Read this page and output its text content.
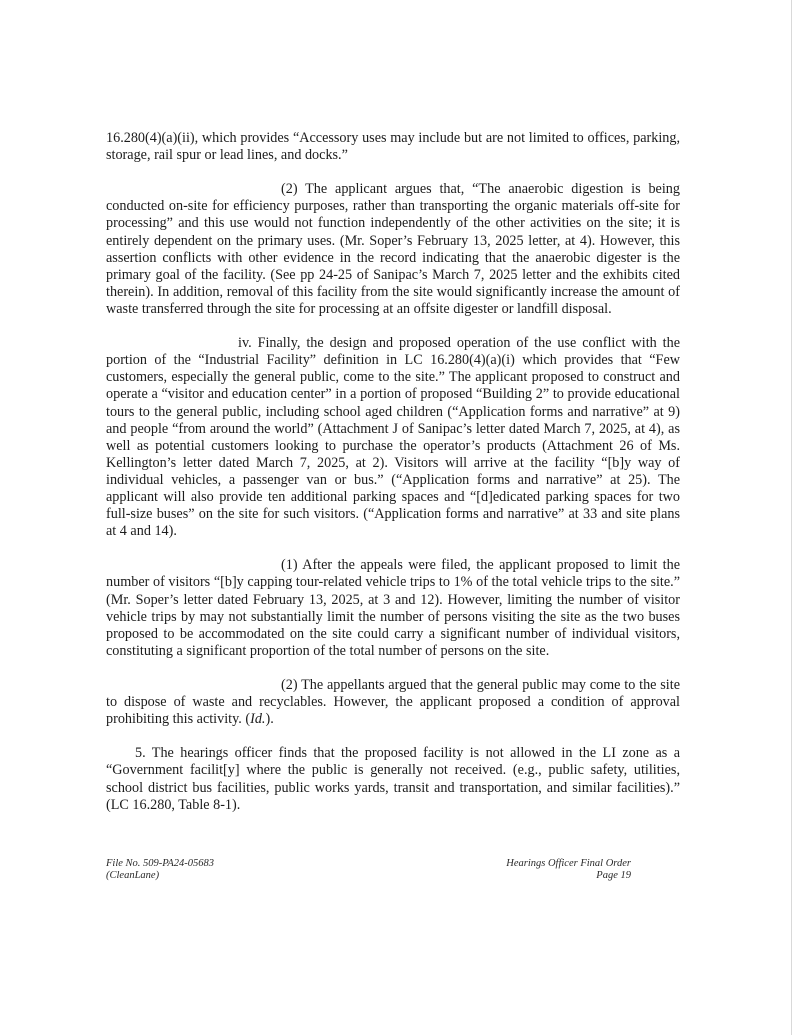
16.280(4)(a)(ii), which provides “Accessory uses may include but are not limited to offices, parking, storage, rail spur or lead lines, and docks.”

(2) The applicant argues that, “The anaerobic digestion is being conducted on-site for efficiency purposes, rather than transporting the organic materials off-site for processing” and this use would not function independently of the other activities on the site; it is entirely dependent on the primary uses. (Mr. Soper’s February 13, 2025 letter, at 4). However, this assertion conflicts with other evidence in the record indicating that the anaerobic digester is the primary goal of the facility. (See pp 24-25 of Sanipac’s March 7, 2025 letter and the exhibits cited therein). In addition, removal of this facility from the site would significantly increase the amount of waste transferred through the site for processing at an offsite digester or landfill disposal.

iv. Finally, the design and proposed operation of the use conflict with the portion of the “Industrial Facility” definition in LC 16.280(4)(a)(i) which provides that “Few customers, especially the general public, come to the site.” The applicant proposed to construct and operate a “visitor and education center” in a portion of proposed “Building 2” to provide educational tours to the general public, including school aged children (“Application forms and narrative” at 9) and people “from around the world” (Attachment J of Sanipac’s letter dated March 7, 2025, at 4), as well as potential customers looking to purchase the operator’s products (Attachment 26 of Ms. Kellington’s letter dated March 7, 2025, at 2). Visitors will arrive at the facility “[b]y way of individual vehicles, a passenger van or bus.” (“Application forms and narrative” at 25). The applicant will also provide ten additional parking spaces and “[d]edicated parking spaces for two full-size buses” on the site for such visitors. (“Application forms and narrative” at 33 and site plans at 4 and 14).

(1) After the appeals were filed, the applicant proposed to limit the number of visitors “[b]y capping tour-related vehicle trips to 1% of the total vehicle trips to the site.” (Mr. Soper’s letter dated February 13, 2025, at 3 and 12). However, limiting the number of visitor vehicle trips by may not substantially limit the number of persons visiting the site as the two buses proposed to be accommodated on the site could carry a significant number of individual visitors, constituting a significant proportion of the total number of persons on the site.

(2) The appellants argued that the general public may come to the site to dispose of waste and recyclables. However, the applicant proposed a condition of approval prohibiting this activity. (Id.).

5. The hearings officer finds that the proposed facility is not allowed in the LI zone as a “Government facilit[y] where the public is generally not received. (e.g., public safety, utilities, school district bus facilities, public works yards, transit and transportation, and similar facilities).” (LC 16.280, Table 8-1).

File No. 509-PA24-05683
(CleanLane)
Hearings Officer Final Order
Page 19
